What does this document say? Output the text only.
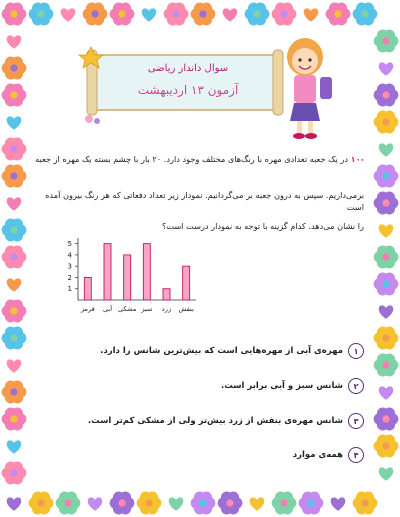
سوال داندار ریاضی
آزمون ۱۳ اردیبهشت
-۱۰ در یک جعبه تعدادی مهره با رنگ‌های مختلف وجود دارد. ۲۰ بار با چشم بسته یک مهره از جعبه
برمی‌داریم. سپس به درون جعبه بر می‌گردانیم. نمودار زیر تعداد دفعاتی که هر رنگ بیرون آمده است
را نشان می‌دهد. کدام گزینه با توجه به نمودار درست است؟
1
2
3
4
5
قرمز آبی مشکی سبز زرد بنفش
۱
مهره‌ی آبی از مهره‌هایی است که بیش‌ترین شانس را دارد.
۲
شانس سبز و آبی برابر است.
۳
شانس مهره‌ی بنفش از زرد بیش‌تر ولی از مشکی کم‌تر است.
۴
همه‌ی موارد
